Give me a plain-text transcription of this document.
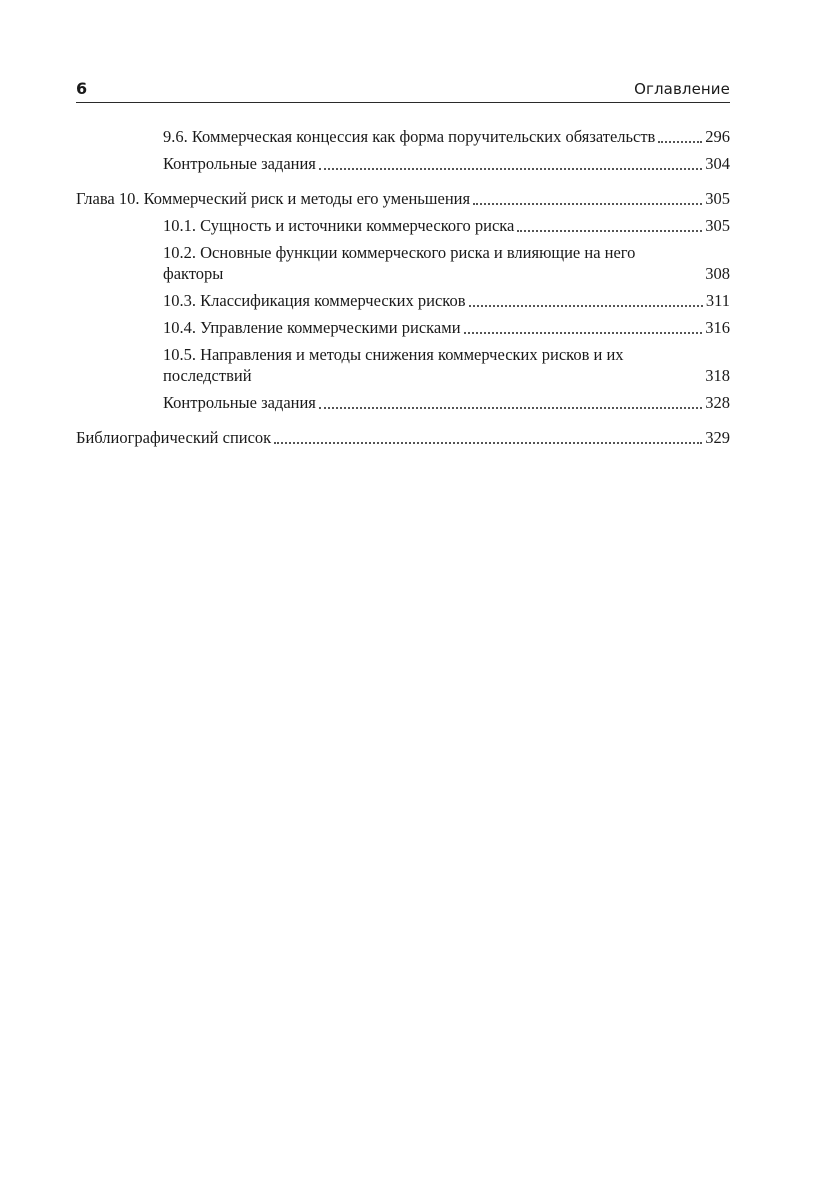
6	Оглавление
9.6. Коммерческая концессия как форма поручительских обязательств	296
Контрольные задания	304
Глава 10. Коммерческий риск и методы его уменьшения	305
10.1. Сущность и источники коммерческого риска	305
10.2. Основные функции коммерческого риска и влияющие на него факторы	308
10.3. Классификация коммерческих рисков	311
10.4. Управление коммерческими рисками	316
10.5. Направления и методы снижения коммерческих рисков и их последствий	318
Контрольные задания	328
Библиографический список	329
